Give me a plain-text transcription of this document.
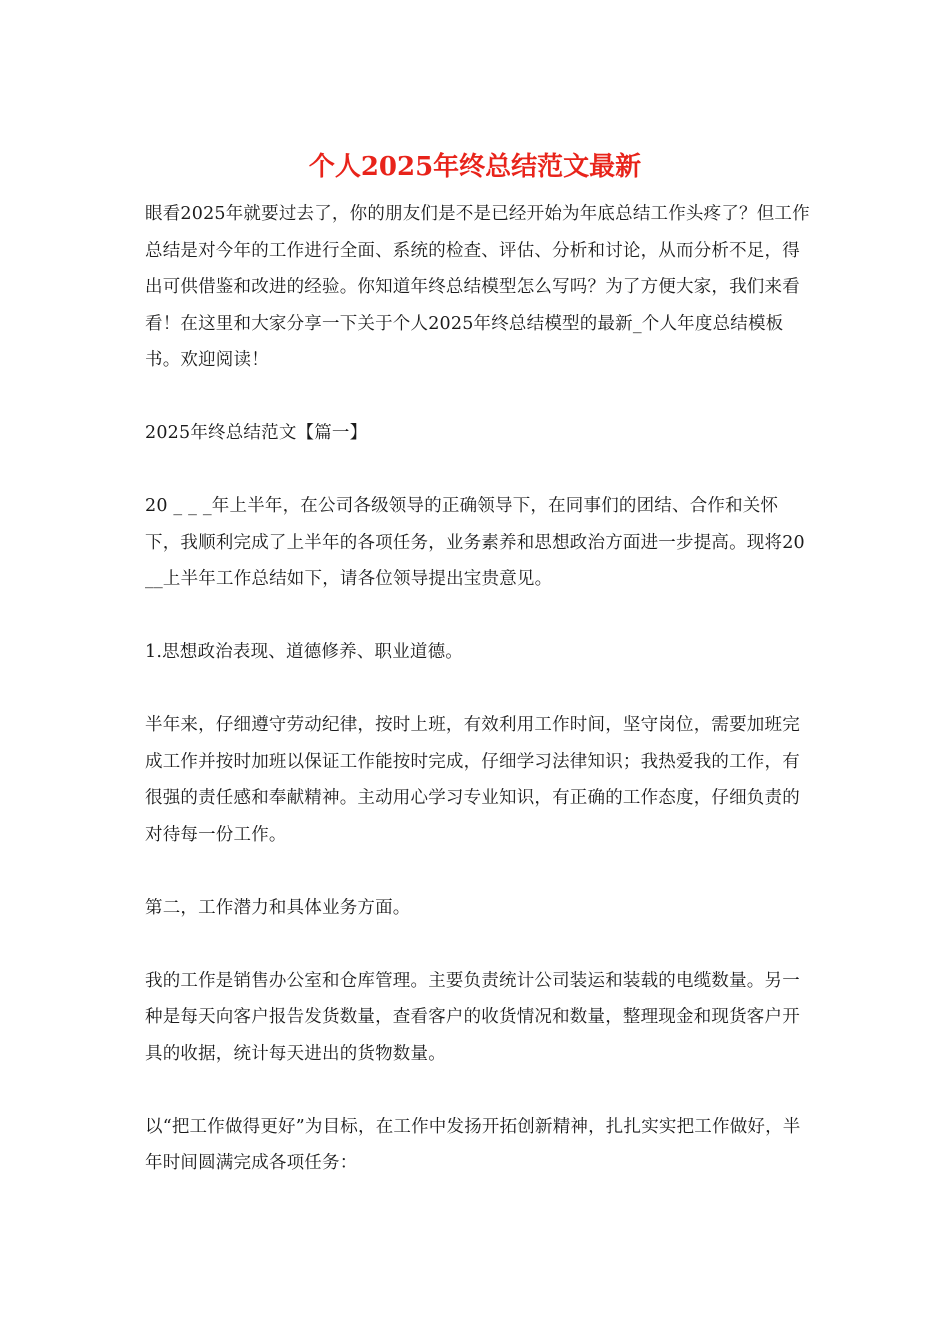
个人2025年终总结范文最新

眼看2025年就要过去了，你的朋友们是不是已经开始为年底总结工作头疼了？但工作总结是对今年的工作进行全面、系统的检查、评估、分析和讨论，从而分析不足，得出可供借鉴和改进的经验。你知道年终总结模型怎么写吗？为了方便大家，我们来看看！在这里和大家分享一下关于个人2025年终总结模型的最新_个人年度总结模板书。欢迎阅读！

2025年终总结范文【篇一】

20 _ _ _年上半年，在公司各级领导的正确领导下，在同事们的团结、合作和关怀下，我顺利完成了上半年的各项任务，业务素养和思想政治方面进一步提高。现将20__上半年工作总结如下，请各位领导提出宝贵意见。

1.思想政治表现、道德修养、职业道德。

半年来，仔细遵守劳动纪律，按时上班，有效利用工作时间，坚守岗位，需要加班完成工作并按时加班以保证工作能按时完成，仔细学习法律知识；我热爱我的工作，有很强的责任感和奉献精神。主动用心学习专业知识，有正确的工作态度，仔细负责的对待每一份工作。

第二，工作潜力和具体业务方面。

我的工作是销售办公室和仓库管理。主要负责统计公司装运和装载的电缆数量。另一种是每天向客户报告发货数量，查看客户的收货情况和数量，整理现金和现货客户开具的收据，统计每天进出的货物数量。

以“把工作做得更好”为目标，在工作中发扬开拓创新精神，扎扎实实把工作做好，半年时间圆满完成各项任务：
